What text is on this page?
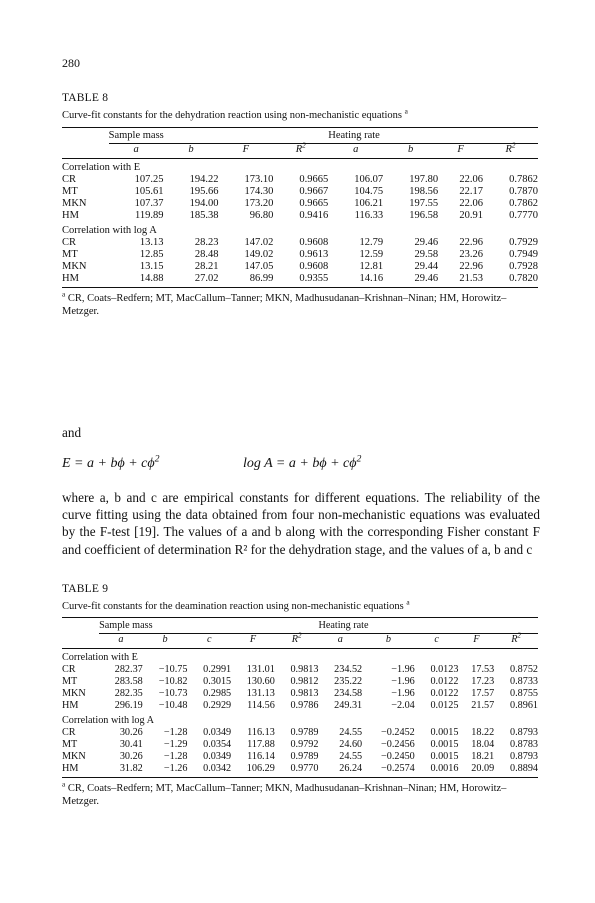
280
TABLE 8
Curve-fit constants for the dehydration reaction using non-mechanistic equations $^a$

	Sample mass				Heating rate			
	a	b	F	$R^2$	a	b	F	$R^2$
Correlation with E								
CR	107.25	194.22	173.10	0.9665	106.07	197.80	22.06	0.7862
MT	105.61	195.66	174.30	0.9667	104.75	198.56	22.17	0.7870
MKN	107.37	194.00	173.20	0.9665	106.21	197.55	22.06	0.7862
HM	119.89	185.38	96.80	0.9416	116.33	196.58	20.91	0.7770
Correlation with log A								
CR	13.13	28.23	147.02	0.9608	12.79	29.46	22.96	0.7929
MT	12.85	28.48	149.02	0.9613	12.59	29.58	23.26	0.7949
MKN	13.15	28.21	147.05	0.9608	12.81	29.44	22.96	0.7928
HM	14.88	27.02	86.99	0.9355	14.16	29.46	21.53	0.7820
$^a$ CR, Coats–Redfern; MT, MacCallum–Tanner; MKN, Madhusudanan–Krishnan–Ninan; HM, Horowitz–Metzger.
and
$E = a + b\phi + c\phi^2$	$\log A = a + b\phi + c\phi^2$
where a, b and c are empirical constants for different equations. The reliability of the curve fitting using the data obtained from four non-mechanistic equations was evaluated by the F-test [19]. The values of a and b along with the corresponding Fisher constant F and coefficient of determination R² for the dehydration stage, and the values of a, b and c
TABLE 9
Curve-fit constants for the deamination reaction using non-mechanistic equations $^a$

	Sample mass					Heating rate				
	a	b	c	F	$R^2$	a	b	c	F	$R^2$
Correlation with E										
CR	282.37	−10.75	0.2991	131.01	0.9813	234.52	−1.96	0.0123	17.53	0.8752
MT	283.58	−10.82	0.3015	130.60	0.9812	235.22	−1.96	0.0122	17.23	0.8733
MKN	282.35	−10.73	0.2985	131.13	0.9813	234.58	−1.96	0.0122	17.57	0.8755
HM	296.19	−10.48	0.2929	114.56	0.9786	249.31	−2.04	0.0125	21.57	0.8961
Correlation with log A										
CR	30.26	−1.28	0.0349	116.13	0.9789	24.55	−0.2452	0.0015	18.22	0.8793
MT	30.41	−1.29	0.0354	117.88	0.9792	24.60	−0.2456	0.0015	18.04	0.8783
MKN	30.26	−1.28	0.0349	116.14	0.9789	24.55	−0.2450	0.0015	18.21	0.8793
HM	31.82	−1.26	0.0342	106.29	0.9770	26.24	−0.2574	0.0016	20.09	0.8894
$^a$ CR, Coats–Redfern; MT, MacCallum–Tanner; MKN, Madhusudanan–Krishnan–Ninan; HM, Horowitz–Metzger.
